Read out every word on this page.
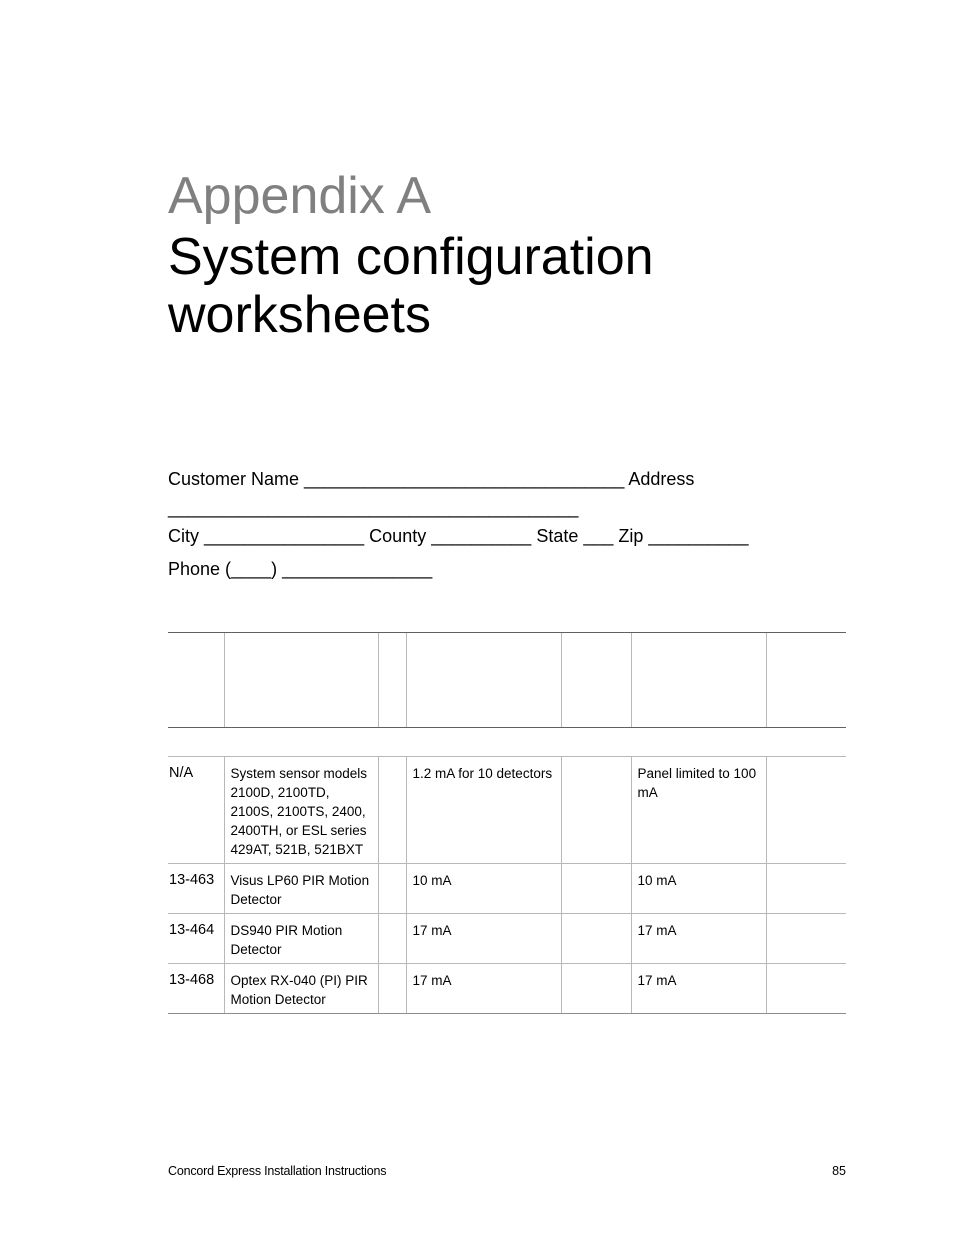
Appendix A
System configuration worksheets
Customer Name ________________________________ Address
_________________________________________
City ________________ County __________ State ___ Zip __________
Phone (____) _______________

N/A	System sensor models 2100D, 2100TD, 2100S, 2100TS, 2400, 2400TH, or ESL series 429AT, 521B, 521BXT		1.2 mA for 10 detectors		Panel limited to 100 mA	
13-463	Visus LP60 PIR Motion Detector		10 mA		10 mA	
13-464	DS940 PIR Motion Detector		17 mA		17 mA	
13-468	Optex RX-040 (PI) PIR Motion Detector		17 mA		17 mA	
Concord Express Installation Instructions	85
